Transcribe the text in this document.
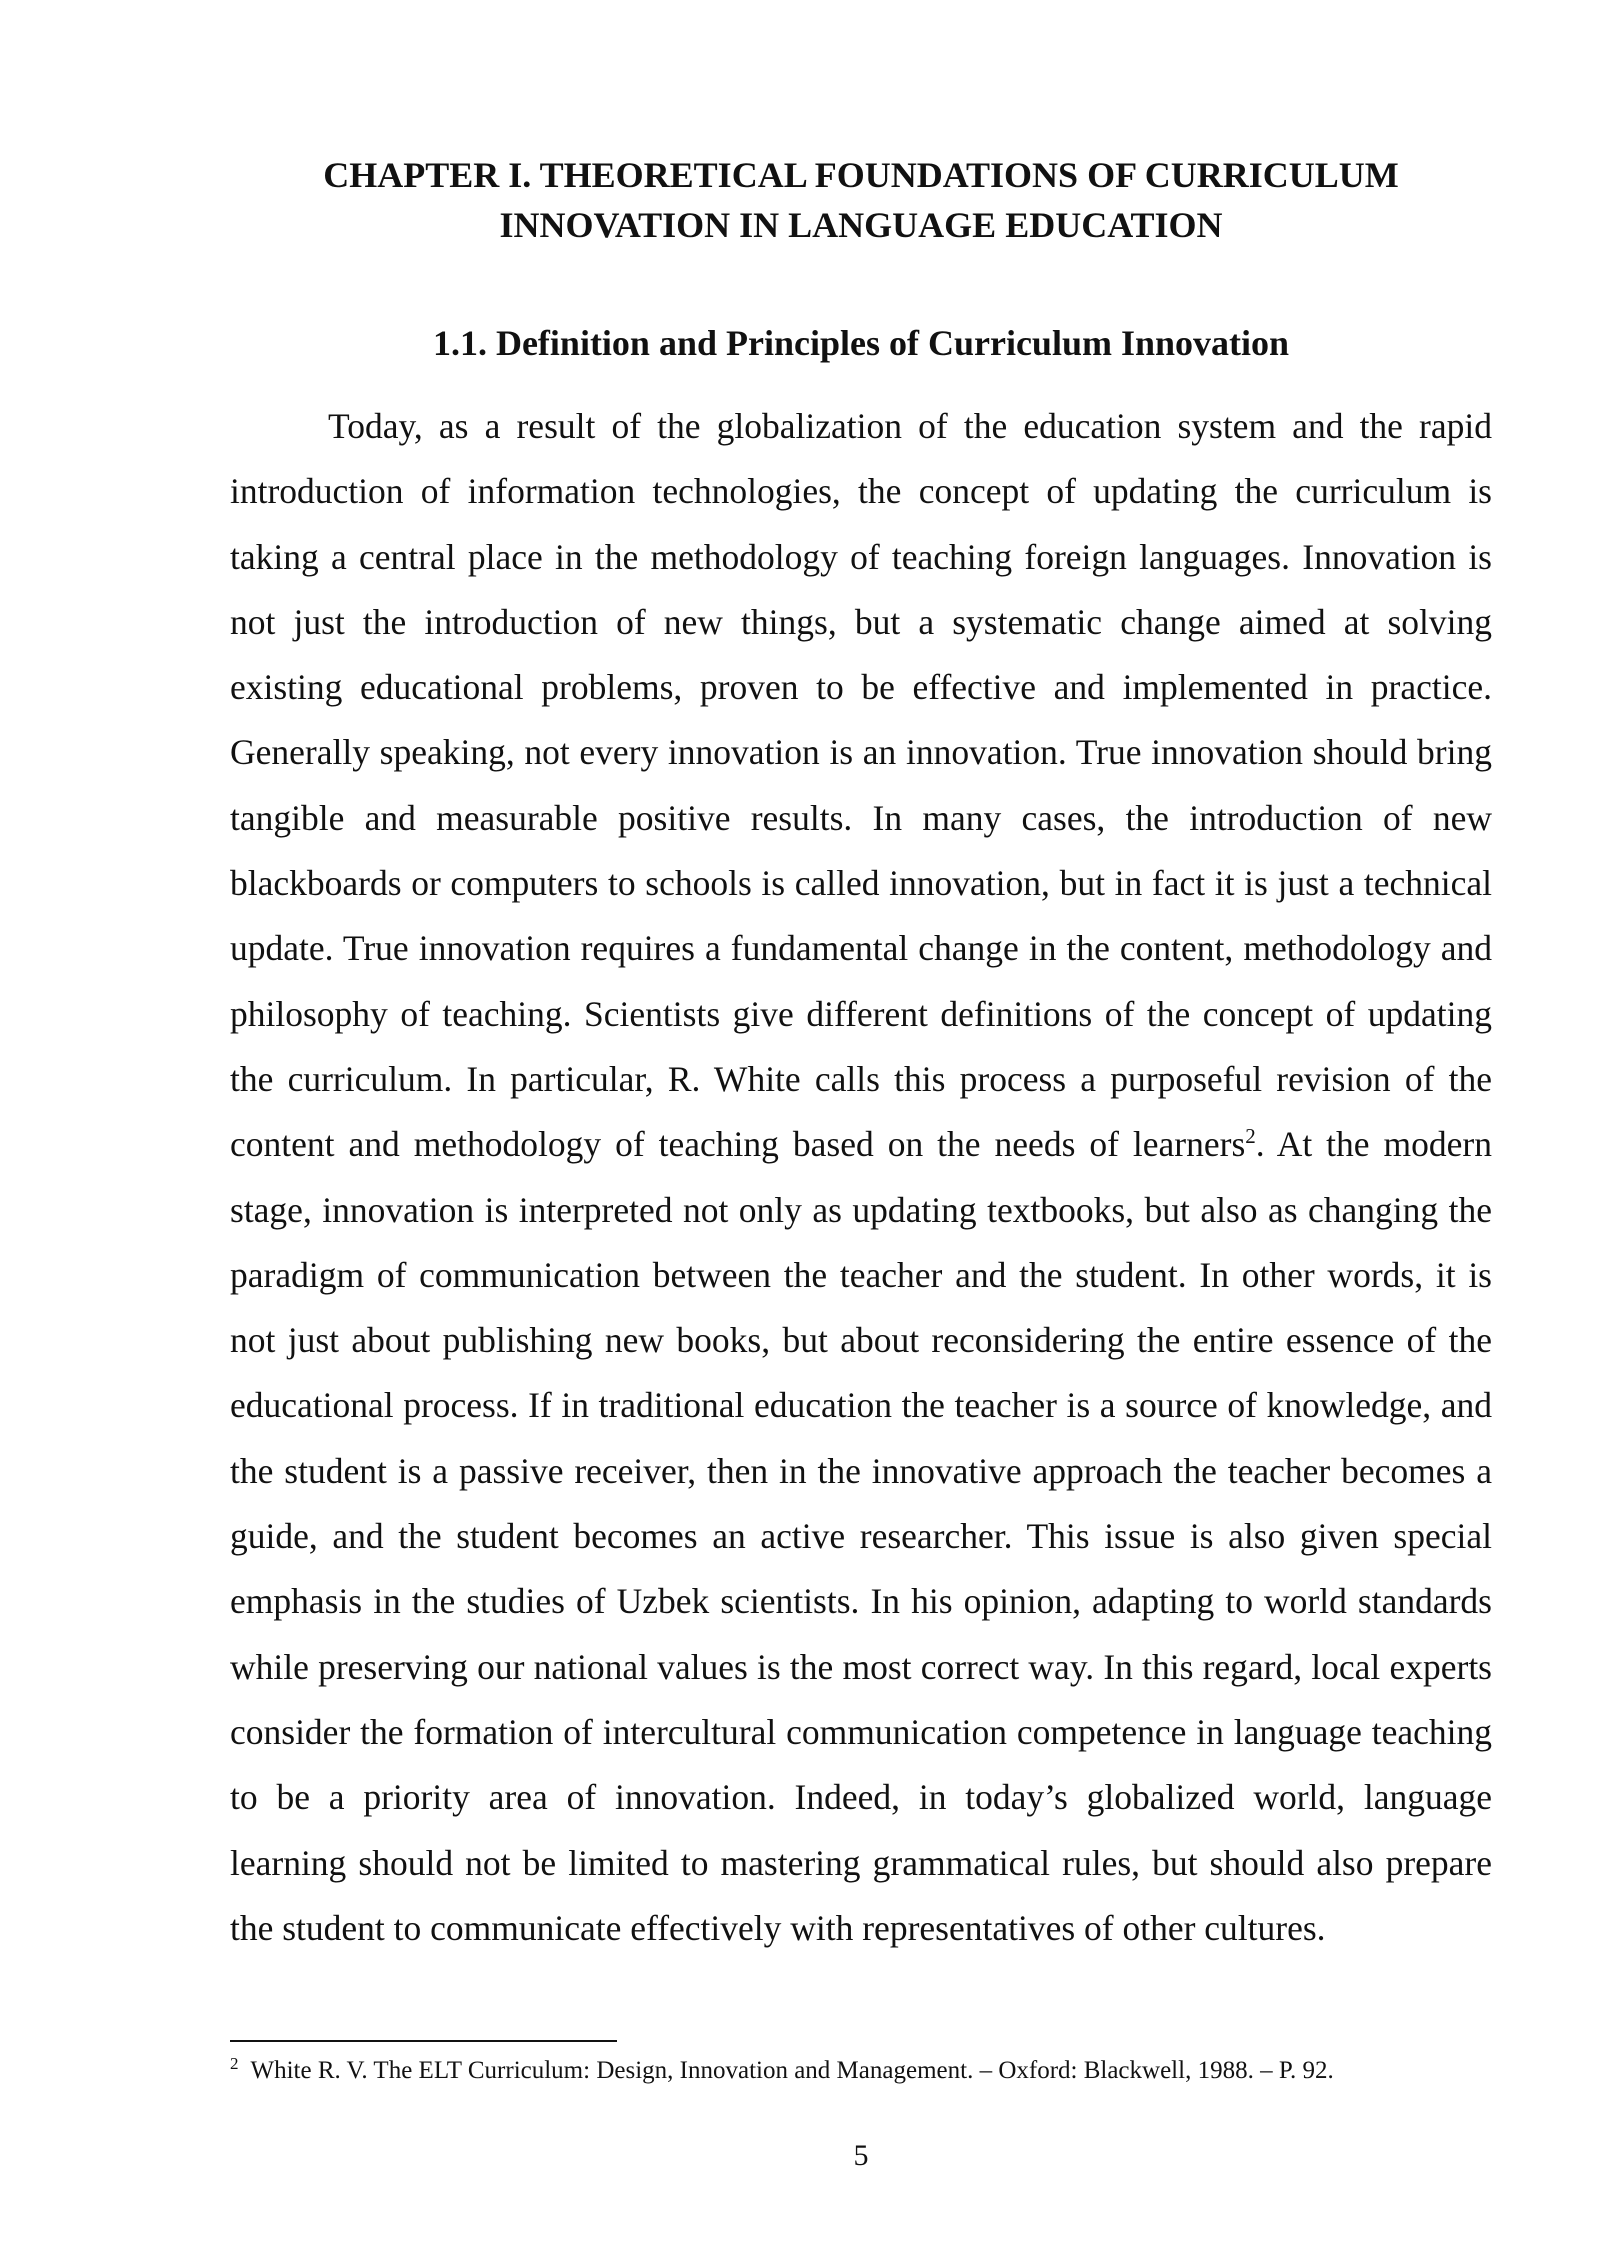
CHAPTER I. THEORETICAL FOUNDATIONS OF CURRICULUM
INNOVATION IN LANGUAGE EDUCATION
1.1. Definition and Principles of Curriculum Innovation

Today, as a result of the globalization of the education system and the rapid introduction of information technologies, the concept of updating the curriculum is taking a central place in the methodology of teaching foreign languages. Innovation is not just the introduction of new things, but a systematic change aimed at solving existing educational problems, proven to be effective and implemented in practice. Generally speaking, not every innovation is an innovation. True innovation should bring tangible and measurable positive results. In many cases, the introduction of new blackboards or computers to schools is called innovation, but in fact it is just a technical update. True innovation requires a fundamental change in the content, methodology and philosophy of teaching. Scientists give different definitions of the concept of updating the curriculum. In particular, R. White calls this process a purposeful revision of the content and methodology of teaching based on the needs of learners$^2$. At the modern stage, innovation is interpreted not only as updating textbooks, but also as changing the paradigm of communication between the teacher and the student. In other words, it is not just about publishing new books, but about reconsidering the entire essence of the educational process. If in traditional education the teacher is a source of knowledge, and the student is a passive receiver, then in the innovative approach the teacher becomes a guide, and the student becomes an active researcher. This issue is also given special emphasis in the studies of Uzbek scientists. In his opinion, adapting to world standards while preserving our national values is the most correct way. In this regard, local experts consider the formation of intercultural communication competence in language teaching to be a priority area of innovation. Indeed, in today’s globalized world, language learning should not be limited to mastering grammatical rules, but should also prepare the student to communicate effectively with representatives of other cultures.

$^2$ White R. V. The ELT Curriculum: Design, Innovation and Management. – Oxford: Blackwell, 1988. – P. 92.

5
